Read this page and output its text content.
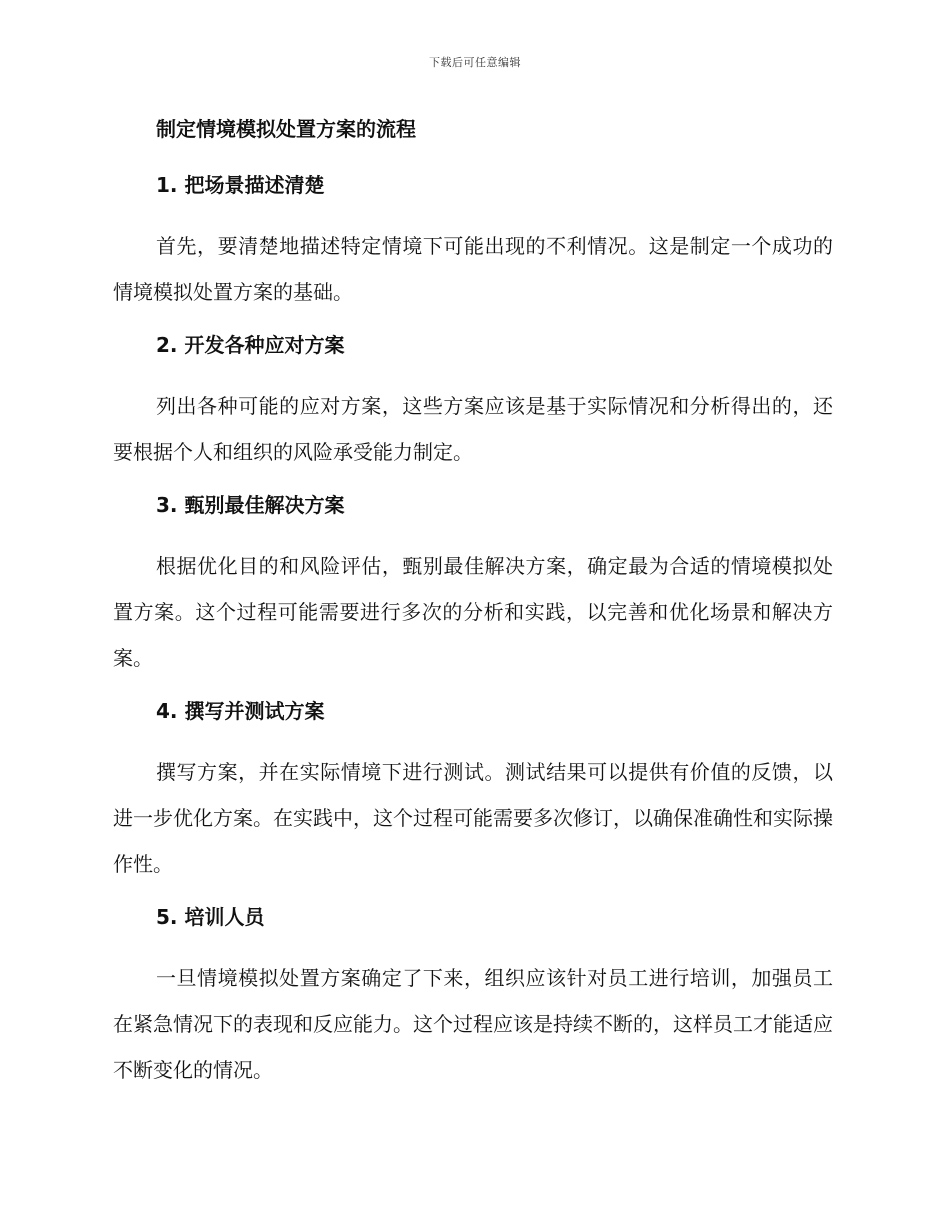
下载后可任意编辑
制定情境模拟处置方案的流程
1. 把场景描述清楚

首先，要清楚地描述特定情境下可能出现的不利情况。这是制定一个成功的情境模拟处置方案的基础。

2. 开发各种应对方案

列出各种可能的应对方案，这些方案应该是基于实际情况和分析得出的，还要根据个人和组织的风险承受能力制定。

3. 甄别最佳解决方案

根据优化目的和风险评估，甄别最佳解决方案，确定最为合适的情境模拟处置方案。这个过程可能需要进行多次的分析和实践，以完善和优化场景和解决方案。

4. 撰写并测试方案

撰写方案，并在实际情境下进行测试。测试结果可以提供有价值的反馈，以进一步优化方案。在实践中，这个过程可能需要多次修订，以确保准确性和实际操作性。

5. 培训人员

一旦情境模拟处置方案确定了下来，组织应该针对员工进行培训，加强员工在紧急情况下的表现和反应能力。这个过程应该是持续不断的，这样员工才能适应不断变化的情况。
